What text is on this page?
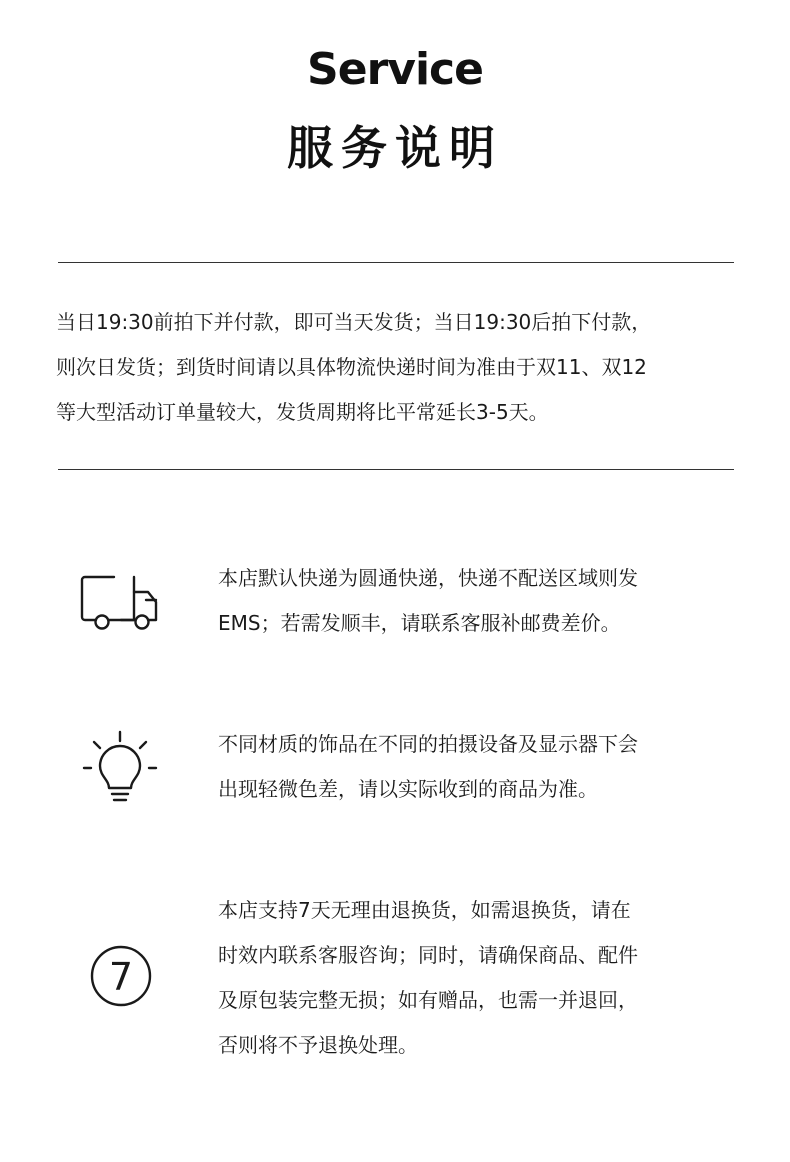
Service
服务说明

当日19:30前拍下并付款，即可当天发货；当日19:30后拍下付款，

则次日发货；到货时间请以具体物流快递时间为准由于双11、双12

等大型活动订单量较大，发货周期将比平常延长3-5天。

本店默认快递为圆通快递，快递不配送区域则发

EMS；若需发顺丰，请联系客服补邮费差价。

不同材质的饰品在不同的拍摄设备及显示器下会

出现轻微色差，请以实际收到的商品为准。

7

本店支持7天无理由退换货，如需退换货，请在

时效内联系客服咨询；同时，请确保商品、配件

及原包装完整无损；如有赠品，也需一并退回，

否则将不予退换处理。
